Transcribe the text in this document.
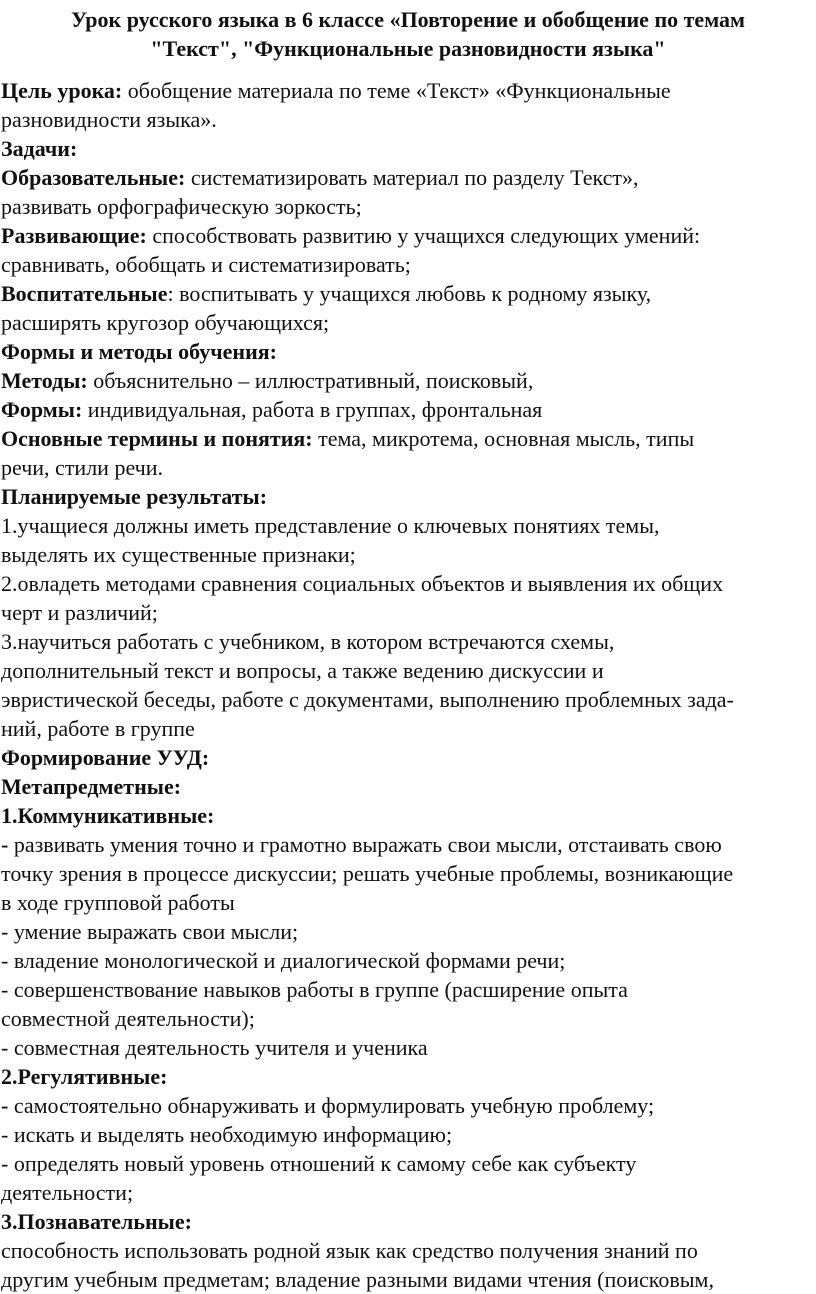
Урок русского языка в 6 классе «Повторение и обобщение по темам
"Текст", "Функциональные разновидности языка"
Цель урока: обобщение материала по теме «Текст» «Функциональные
разновидности языка».
Задачи:
Образовательные: систематизировать материал по разделу Текст»,
развивать орфографическую зоркость;
Развивающие: способствовать развитию у учащихся следующих умений:
сравнивать, обобщать и систематизировать;
Воспитательные: воспитывать у учащихся любовь к родному языку,
расширять кругозор обучающихся;
Формы и методы обучения:
Методы: объяснительно – иллюстративный, поисковый,
Формы: индивидуальная, работа в группах, фронтальная
Основные термины и понятия: тема, микротема, основная мысль, типы
речи, стили речи.
Планируемые результаты:
1.учащиеся должны иметь представление о ключевых понятиях темы,
выделять их существенные признаки;
2.овладеть методами сравнения социальных объектов и выявления их общих
черт и различий;
3.научиться работать с учебником, в котором встречаются схемы,
дополнительный текст и вопросы, а также ведению дискуссии и
эвристической беседы, работе с документами, выполнению проблемных зада-
ний, работе в группе
Формирование УУД:
Метапредметные:
1.Коммуникативные:
- развивать умения точно и грамотно выражать свои мысли, отстаивать свою
точку зрения в процессе дискуссии; решать учебные проблемы, возникающие
в ходе групповой работы
- умение выражать свои мысли;
- владение монологической и диалогической формами речи;
- совершенствование навыков работы в группе (расширение опыта
совместной деятельности);
- совместная деятельность учителя и ученика
2.Регулятивные:
- самостоятельно обнаруживать и формулировать учебную проблему;
- искать и выделять необходимую информацию;
- определять новый уровень отношений к самому себе как субъекту
деятельности;
3.Познавательные:
способность использовать родной язык как средство получения знаний по
другим учебным предметам; владение разными видами чтения (поисковым,
